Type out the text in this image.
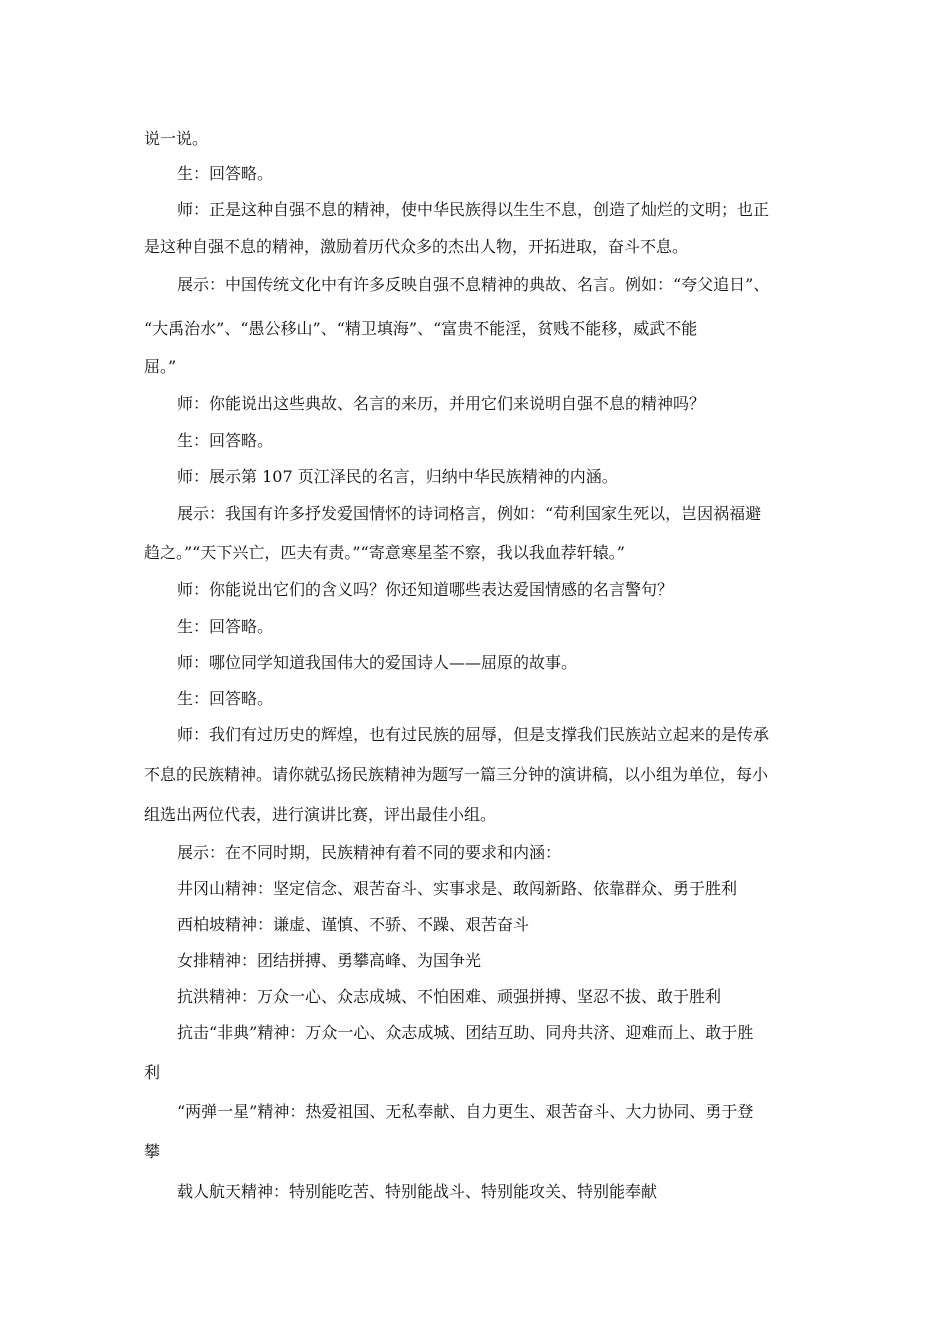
说一说。
生：回答略。
师：正是这种自强不息的精神，使中华民族得以生生不息，创造了灿烂的文明；也正
是这种自强不息的精神，激励着历代众多的杰出人物，开拓进取，奋斗不息。
展示：中国传统文化中有许多反映自强不息精神的典故、名言。例如：“夸父追日”、
“大禹治水”、“愚公移山”、“精卫填海”、“富贵不能淫，贫贱不能移，威武不能
屈。”
师：你能说出这些典故、名言的来历，并用它们来说明自强不息的精神吗？
生：回答略。
师：展示第 107 页江泽民的名言，归纳中华民族精神的内涵。
展示：我国有许多抒发爱国情怀的诗词格言，例如：“苟利国家生死以，岂因祸福避
趋之。”“天下兴亡，匹夫有责。”“寄意寒星荃不察，我以我血荐轩辕。”
师：你能说出它们的含义吗？你还知道哪些表达爱国情感的名言警句？
生：回答略。
师：哪位同学知道我国伟大的爱国诗人——屈原的故事。
生：回答略。
师：我们有过历史的辉煌，也有过民族的屈辱，但是支撑我们民族站立起来的是传承
不息的民族精神。请你就弘扬民族精神为题写一篇三分钟的演讲稿，以小组为单位，每小
组选出两位代表，进行演讲比赛，评出最佳小组。
展示：在不同时期，民族精神有着不同的要求和内涵：
井冈山精神：坚定信念、艰苦奋斗、实事求是、敢闯新路、依靠群众、勇于胜利
西柏坡精神：谦虚、谨慎、不骄、不躁、艰苦奋斗
女排精神：团结拼搏、勇攀高峰、为国争光
抗洪精神：万众一心、众志成城、不怕困难、顽强拼搏、坚忍不拔、敢于胜利
抗击“非典”精神：万众一心、众志成城、团结互助、同舟共济、迎难而上、敢于胜
利
“两弹一星”精神：热爱祖国、无私奉献、自力更生、艰苦奋斗、大力协同、勇于登
攀
载人航天精神：特别能吃苦、特别能战斗、特别能攻关、特别能奉献
